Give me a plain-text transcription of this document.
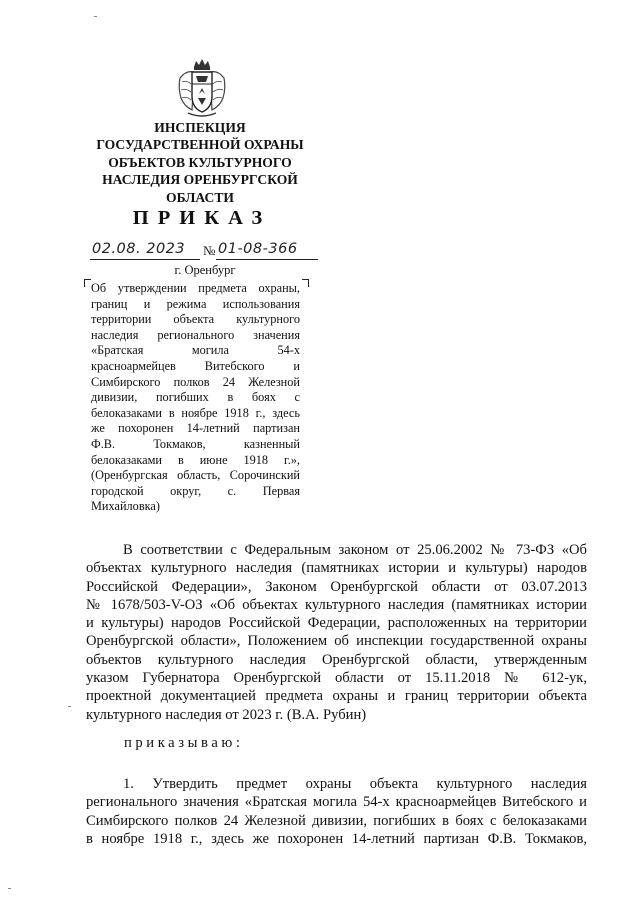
ИНСПЕКЦИЯ
ГОСУДАРСТВЕННОЙ ОХРАНЫ
ОБЪЕКТОВ КУЛЬТУРНОГО
НАСЛЕДИЯ ОРЕНБУРГСКОЙ
ОБЛАСТИ
ПРИКАЗ
02.08. 2023 № 01-08-366
г. Оренбург
Об утверждении предмета охраны,
границ и режима использования
территории объекта культурного
наследия регионального значения
«Братская могила 54-х
красноармейцев Витебского и
Симбирского полков 24 Железной
дивизии, погибших в боях с
белоказаками в ноябре 1918 г., здесь
же похоронен 14-летний партизан
Ф.В. Токмаков, казненный
белоказаками в июне 1918 г.»,
(Оренбургская область, Сорочинский
городской округ, с. Первая
Михайловка)
В соответствии с Федеральным законом от 25.06.2002 № 73-ФЗ «Об
объектах культурного наследия (памятниках истории и культуры) народов
Российской Федерации», Законом Оренбургской области от 03.07.2013
№ 1678/503-V-ОЗ «Об объектах культурного наследия (памятниках истории
и культуры) народов Российской Федерации, расположенных на территории
Оренбургской области», Положением об инспекции государственной охраны
объектов культурного наследия Оренбургской области, утвержденным
указом Губернатора Оренбургской области от 15.11.2018 № 612-ук,
проектной документацией предмета охраны и границ территории объекта
культурного наследия от 2023 г. (В.А. Рубин)
приказываю:
1. Утвердить предмет охраны объекта культурного наследия
регионального значения «Братская могила 54-х красноармейцев Витебского и
Симбирского полков 24 Железной дивизии, погибших в боях с белоказаками
в ноябре 1918 г., здесь же похоронен 14-летний партизан Ф.В. Токмаков,
